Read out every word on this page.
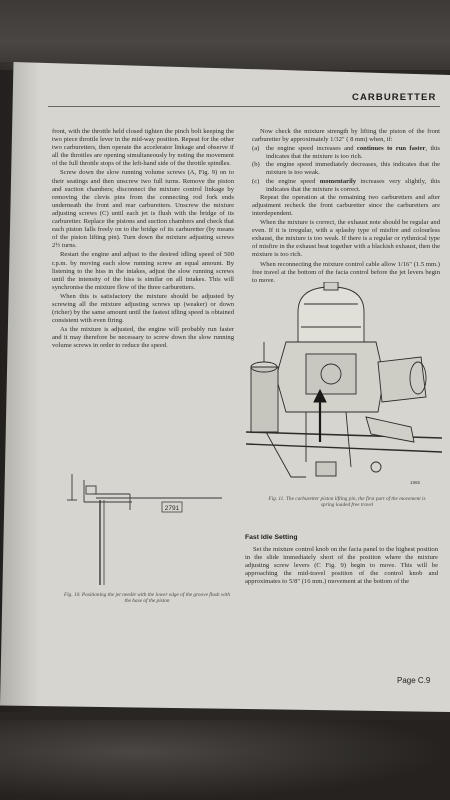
CARBURETTER

front, with the throttle held closed tighten the pinch bolt keeping the two piece throttle lever in the mid-way position. Repeat for the other two carburetters, then operate the accelerator linkage and observe if all the throttles are opening simultaneously by noting the movement of the full throttle stops of the left-hand side of the throttle spindles.

Screw down the slow running volume screws (A, Fig. 9) on to their seatings and then unscrew two full turns. Remove the piston and suction chambers; disconnect the mixture control linkage by removing the clevis pins from the connecting rod fork ends underneath the front and rear carburetters. Unscrew the mixture adjusting screws (C) until each jet is flush with the bridge of its carburetter. Replace the pistons and suction chambers and check that each piston falls freely on to the bridge of its carburetter (by means of the piston lifting pin). Turn down the mixture adjusting screws 2½ turns.

Restart the engine and adjust to the desired idling speed of 500 r.p.m. by moving each slow running screw an equal amount. By listening to the hiss in the intakes, adjust the slow running screws until the intensity of the hiss is similar on all intakes. This will synchronise the mixture flow of the three carburetters.

When this is satisfactory the mixture should be adjusted by screwing all the mixture adjusting screws up (weaker) or down (richer) by the same amount until the fastest idling speed is obtained consistent with even firing.

As the mixture is adjusted, the engine will probably run faster and it may therefore be necessary to screw down the slow running volume screws in order to reduce the speed.

Now check the mixture strength by lifting the piston of the front carburetter by approximately 1/32" ( 8 mm) when, if:

(a)	the engine speed increases and continues to run faster, this indicates that the mixture is too rich.
(b) the engine speed immediately decreases, this indicates that the mixture is too weak.
(c)	the engine speed momentarily increases very slightly, this indicates that the mixture is correct.

Repeat the operation at the remaining two carburetters and after adjustment recheck the front carburetter since the carburetters are interdependent.

When the mixture is correct, the exhaust note should be regular and even. If it is irregular, with a splashy type of misfire and colourless exhaust, the mixture is too weak. If there is a regular or rythmical type of misfire in the exhaust beat together with a blackish exhaust, then the mixture is too rich.

When reconnecting the mixture control cable allow 1/16" (1.5 mm.) free travel at the bottom of the facia control before the jet levers begin to move.

1965
Fig. 11. The carburetter piston lifting pin, the first part of the movement is spring loaded free travel
2791
Fig. 10. Positioning the jet needle with the lower edge of the groove flush with the base of the piston
Fast Idle Setting

Set the mixture control knob on the facia panel to the highest position in the slide immediately short of the position where the mixture adjusting screw levers (C Fig. 9) begin to move. This will be approaching the mid-travel position of the control knob and approximates to 5/8" (16 mm.) movement at the bottom of the

Page C.9
